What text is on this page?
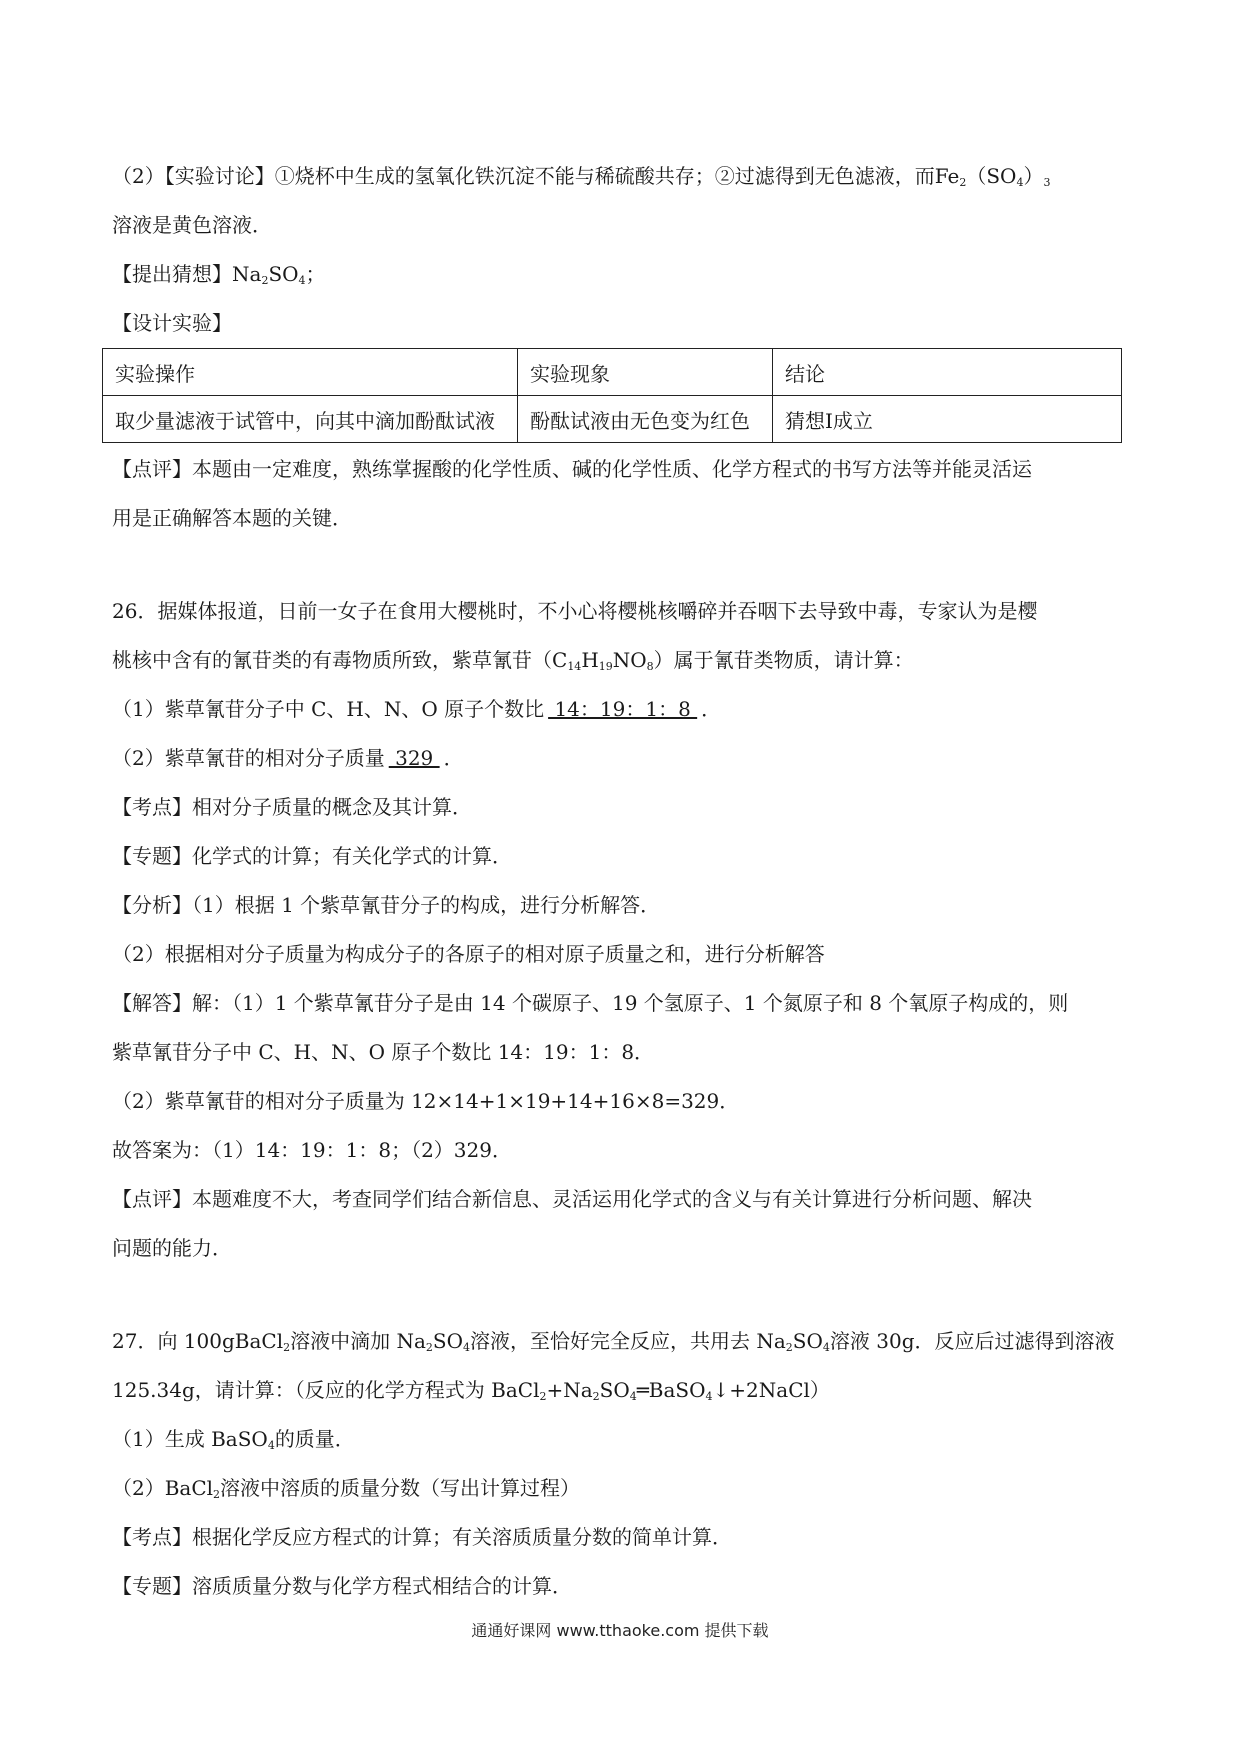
（2）【实验讨论】①烧杯中生成的氢氧化铁沉淀不能与稀硫酸共存；②过滤得到无色滤液，而$Fe_2(SO_4)_3$
溶液是黄色溶液．
【提出猜想】$Na_2SO_4$；
【设计实验】
实验操作	实验现象	结论
取少量滤液于试管中，向其中滴加酚酞试液	酚酞试液由无色变为红色	猜想Ⅰ成立
【点评】本题由一定难度，熟练掌握酸的化学性质、碱的化学性质、化学方程式的书写方法等并能灵活运
用是正确解答本题的关键．
26．据媒体报道，日前一女子在食用大樱桃时，不小心将樱桃核嚼碎并吞咽下去导致中毒，专家认为是樱
桃核中含有的氰苷类的有毒物质所致，紫草氰苷$(C_{14}H_{19}NO_8)$属于氰苷类物质，请计算：
（1）紫草氰苷分子中 C、H、N、O 原子个数比 14：19：1：8 ．
（2）紫草氰苷的相对分子质量 329 ．
【考点】相对分子质量的概念及其计算．
【专题】化学式的计算；有关化学式的计算．
【分析】（1）根据 1 个紫草氰苷分子的构成，进行分析解答．
（2）根据相对分子质量为构成分子的各原子的相对原子质量之和，进行分析解答
【解答】解：（1）1 个紫草氰苷分子是由 14 个碳原子、19 个氢原子、1 个氮原子和 8 个氧原子构成的，则
紫草氰苷分子中 C、H、N、O 原子个数比 14：19：1：8．
（2）紫草氰苷的相对分子质量为 12×14+1×19+14+16×8=329．
故答案为：（1）14：19：1：8；（2）329．
【点评】本题难度不大，考查同学们结合新信息、灵活运用化学式的含义与有关计算进行分析问题、解决
问题的能力．
27．向 100gBaCl$_2$溶液中滴加 $Na_2SO_4$溶液，至恰好完全反应，共用去 $Na_2SO_4$溶液 30g．反应后过滤得到溶液
125.34g，请计算：（反应的化学方程式为 $BaCl_2+Na_2SO_4═BaSO_4↓+2NaCl$）
（1）生成 BaSO$_4$的质量．
（2）BaCl$_2$溶液中溶质的质量分数（写出计算过程）
【考点】根据化学反应方程式的计算；有关溶质质量分数的简单计算．
【专题】溶质质量分数与化学方程式相结合的计算．
通通好课网 www.tthaoke.com 提供下载
